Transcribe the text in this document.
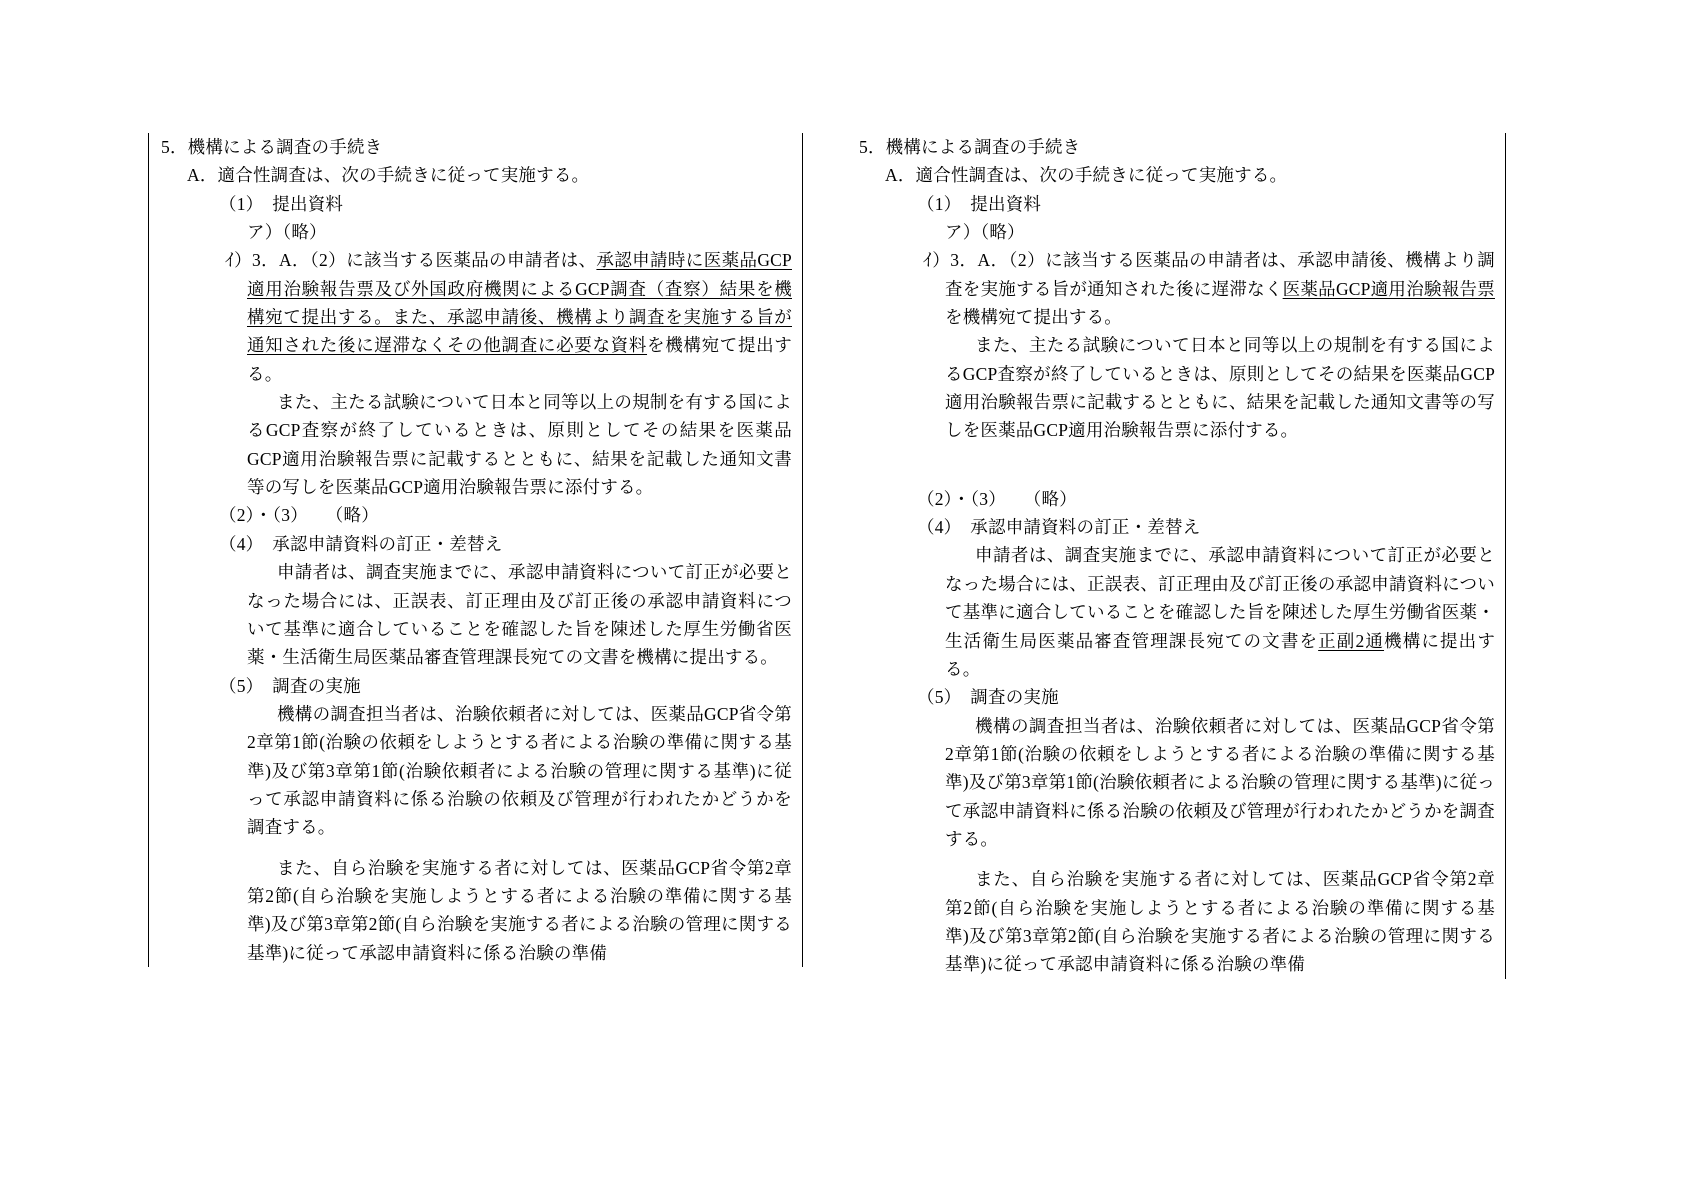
5．機構による調査の手続き

A．適合性調査は、次の手続きに従って実施する。

（1）　提出資料

ア）（略）

ｲ）3．A．（2）に該当する医薬品の申請者は、承認申請時に医薬品GCP適用治験報告票及び外国政府機関によるGCP調査（査察）結果を機構宛て提出する。また、承認申請後、機構より調査を実施する旨が通知された後に遅滞なくその他調査に必要な資料を機構宛て提出する。

また、主たる試験について日本と同等以上の規制を有する国によるGCP査察が終了しているときは、原則としてその結果を医薬品GCP適用治験報告票に記載するとともに、結果を記載した通知文書等の写しを医薬品GCP適用治験報告票に添付する。

（2）・（3）　　（略）

（4）　承認申請資料の訂正・差替え

申請者は、調査実施までに、承認申請資料について訂正が必要となった場合には、正誤表、訂正理由及び訂正後の承認申請資料について基準に適合していることを確認した旨を陳述した厚生労働省医薬・生活衛生局医薬品審査管理課長宛ての文書を機構に提出する。

（5）　調査の実施

機構の調査担当者は、治験依頼者に対しては、医薬品GCP省令第2章第1節(治験の依頼をしようとする者による治験の準備に関する基準)及び第3章第1節(治験依頼者による治験の管理に関する基準)に従って承認申請資料に係る治験の依頼及び管理が行われたかどうかを調査する。

また、自ら治験を実施する者に対しては、医薬品GCP省令第2章第2節(自ら治験を実施しようとする者による治験の準備に関する基準)及び第3章第2節(自ら治験を実施する者による治験の管理に関する基準)に従って承認申請資料に係る治験の準備

5．機構による調査の手続き

A．適合性調査は、次の手続きに従って実施する。

（1）　提出資料

ア）（略）

ｲ）3．A．（2）に該当する医薬品の申請者は、承認申請後、機構より調査を実施する旨が通知された後に遅滞なく医薬品GCP適用治験報告票を機構宛て提出する。

また、主たる試験について日本と同等以上の規制を有する国によるGCP査察が終了しているときは、原則としてその結果を医薬品GCP適用治験報告票に記載するとともに、結果を記載した通知文書等の写しを医薬品GCP適用治験報告票に添付する。

（2）・（3）　　（略）

（4）　承認申請資料の訂正・差替え

申請者は、調査実施までに、承認申請資料について訂正が必要となった場合には、正誤表、訂正理由及び訂正後の承認申請資料について基準に適合していることを確認した旨を陳述した厚生労働省医薬・生活衛生局医薬品審査管理課長宛ての文書を正副2通機構に提出する。

（5）　調査の実施

機構の調査担当者は、治験依頼者に対しては、医薬品GCP省令第2章第1節(治験の依頼をしようとする者による治験の準備に関する基準)及び第3章第1節(治験依頼者による治験の管理に関する基準)に従って承認申請資料に係る治験の依頼及び管理が行われたかどうかを調査する。

また、自ら治験を実施する者に対しては、医薬品GCP省令第2章第2節(自ら治験を実施しようとする者による治験の準備に関する基準)及び第3章第2節(自ら治験を実施する者による治験の管理に関する基準)に従って承認申請資料に係る治験の準備
